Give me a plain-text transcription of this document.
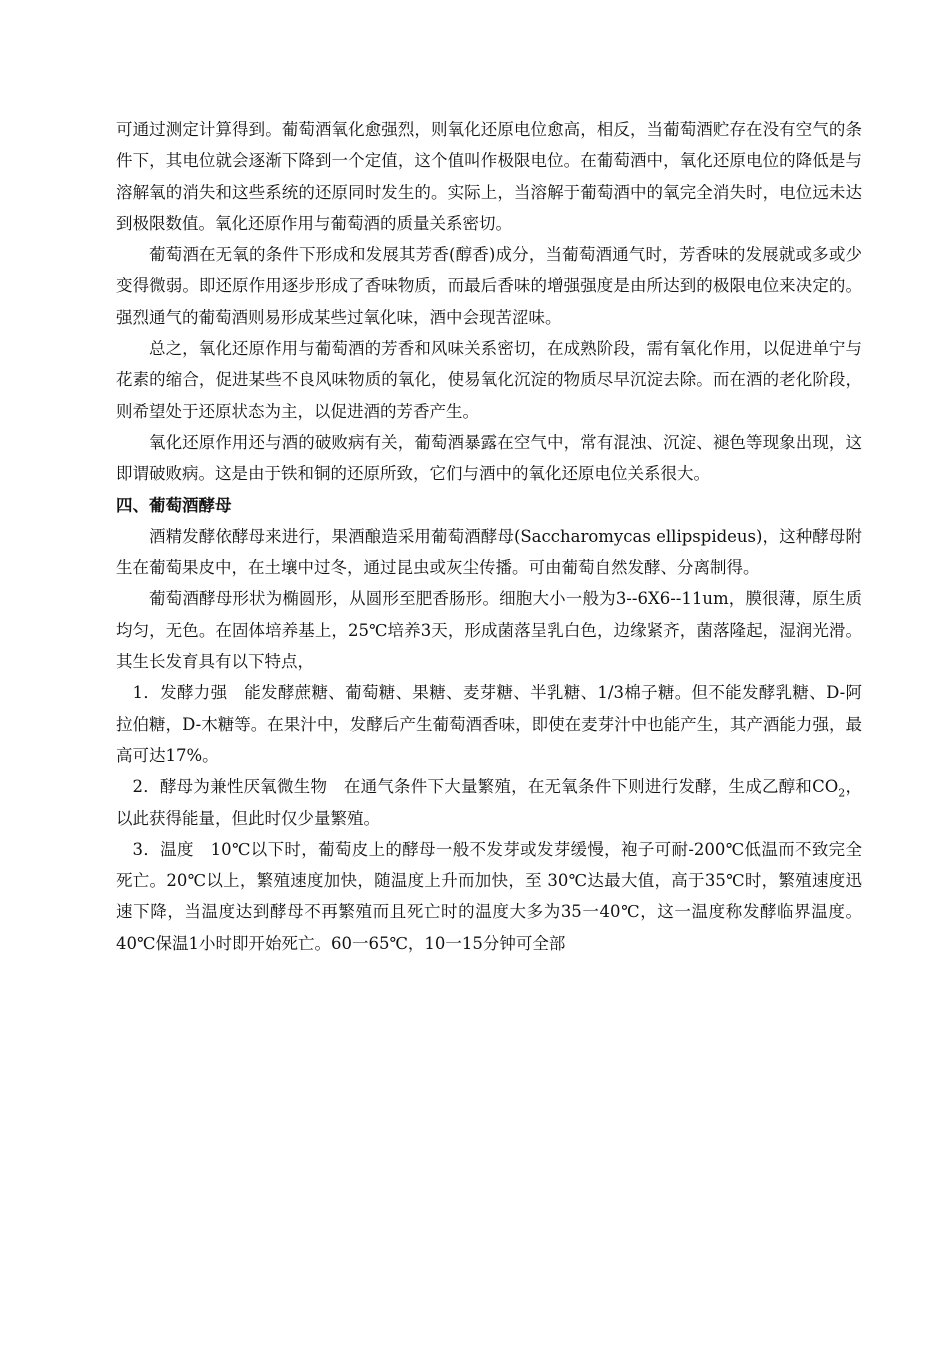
可通过测定计算得到。葡萄酒氧化愈强烈，则氧化还原电位愈高，相反，当葡萄酒贮存在没有空气的条件下，其电位就会逐渐下降到一个定值，这个值叫作极限电位。在葡萄酒中，氧化还原电位的降低是与溶解氧的消失和这些系统的还原同时发生的。实际上，当溶解于葡萄酒中的氧完全消失时，电位远未达到极限数值。氧化还原作用与葡萄酒的质量关系密切。

葡萄酒在无氧的条件下形成和发展其芳香(醇香)成分，当葡萄酒通气时，芳香味的发展就或多或少变得微弱。即还原作用逐步形成了香味物质，而最后香味的增强强度是由所达到的极限电位来决定的。强烈通气的葡萄酒则易形成某些过氧化味，酒中会现苦涩味。

总之，氧化还原作用与葡萄酒的芳香和风味关系密切，在成熟阶段，需有氧化作用，以促进单宁与花素的缩合，促进某些不良风味物质的氧化，使易氧化沉淀的物质尽早沉淀去除。而在酒的老化阶段，则希望处于还原状态为主，以促进酒的芳香产生。

氧化还原作用还与酒的破败病有关，葡萄酒暴露在空气中，常有混浊、沉淀、褪色等现象出现，这即谓破败病。这是由于铁和铜的还原所致，它们与酒中的氧化还原电位关系很大。

四、葡萄酒酵母

酒精发酵依酵母来进行，果酒酿造采用葡萄酒酵母(Saccharomycas ellipspideus)，这种酵母附生在葡萄果皮中，在土壤中过冬，通过昆虫或灰尘传播。可由葡萄自然发酵、分离制得。

葡萄酒酵母形状为椭圆形，从圆形至肥香肠形。细胞大小一般为3--6X6--11um，膜很薄，原生质均匀，无色。在固体培养基上，25℃培养3天，形成菌落呈乳白色，边缘紧齐，菌落隆起，湿润光滑。其生长发育具有以下特点，

1．发酵力强　能发酵蔗糖、葡萄糖、果糖、麦芽糖、半乳糖、1/3棉子糖。但不能发酵乳糖、D-阿拉伯糖，D-木糖等。在果汁中，发酵后产生葡萄酒香味，即使在麦芽汁中也能产生，其产酒能力强，最高可达17%。

2．酵母为兼性厌氧微生物　在通气条件下大量繁殖，在无氧条件下则进行发酵，生成乙醇和$CO_2$，以此获得能量，但此时仅少量繁殖。

3．温度　10℃以下时，葡萄皮上的酵母一般不发芽或发芽缓慢，袍子可耐-200℃低温而不致完全死亡。20℃以上，繁殖速度加快，随温度上升而加快，至 30℃达最大值，高于35℃时，繁殖速度迅速下降，当温度达到酵母不再繁殖而且死亡时的温度大多为35一40℃，这一温度称发酵临界温度。40℃保温1小时即开始死亡。60一65℃，10一15分钟可全部
